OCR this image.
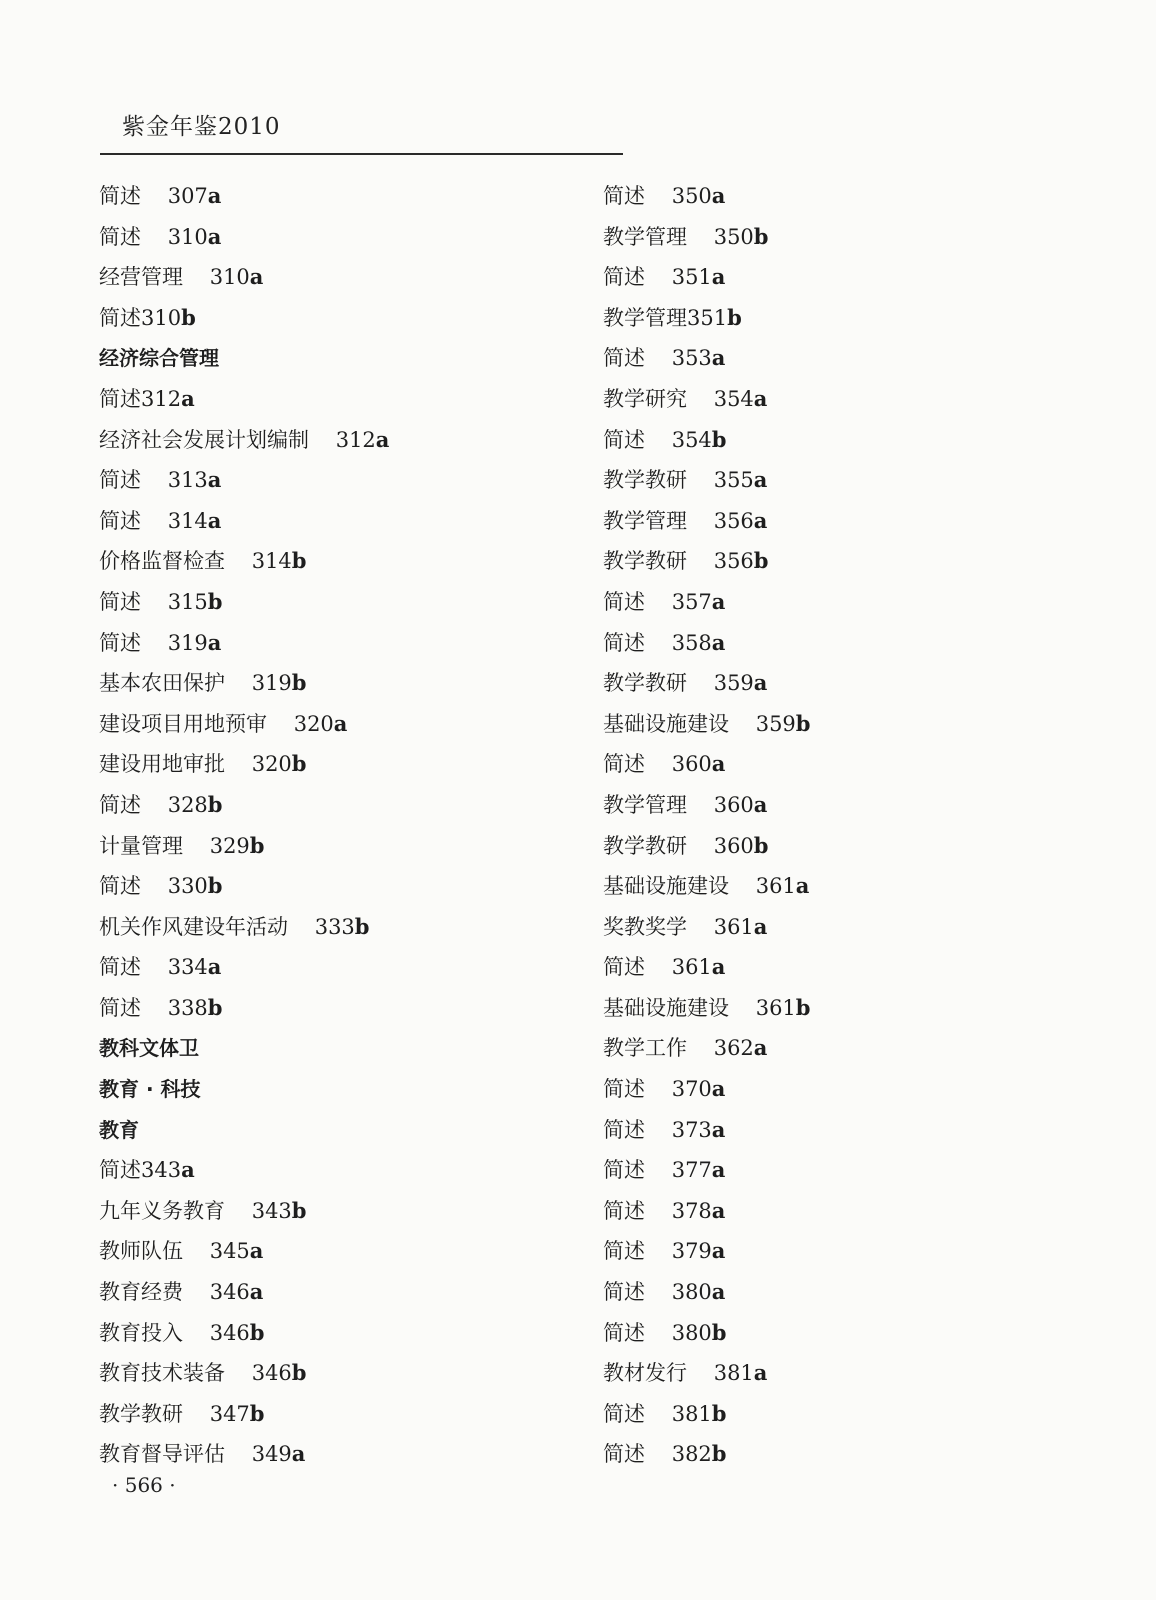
紫金年鉴2010
简述 307a
简述 310a
经营管理 310a
简述310b
经济综合管理
简述312a
经济社会发展计划编制 312a
简述 313a
简述 314a
价格监督检查 314b
简述 315b
简述 319a
基本农田保护 319b
建设项目用地预审 320a
建设用地审批 320b
简述 328b
计量管理 329b
简述 330b
机关作风建设年活动 333b
简述 334a
简述 338b
教科文体卫
教育 · 科技
教育
简述343a
九年义务教育 343b
教师队伍 345a
教育经费 346a
教育投入 346b
教育技术装备 346b
教学教研 347b
教育督导评估 349a
简述 350a
教学管理 350b
简述 351a
教学管理351b
简述 353a
教学研究 354a
简述 354b
教学教研 355a
教学管理 356a
教学教研 356b
简述 357a
简述 358a
教学教研 359a
基础设施建设 359b
简述 360a
教学管理 360a
教学教研 360b
基础设施建设 361a
奖教奖学 361a
简述 361a
基础设施建设 361b
教学工作 362a
简述 370a
简述 373a
简述 377a
简述 378a
简述 379a
简述 380a
简述 380b
教材发行 381a
简述 381b
简述 382b
· 566 ·
